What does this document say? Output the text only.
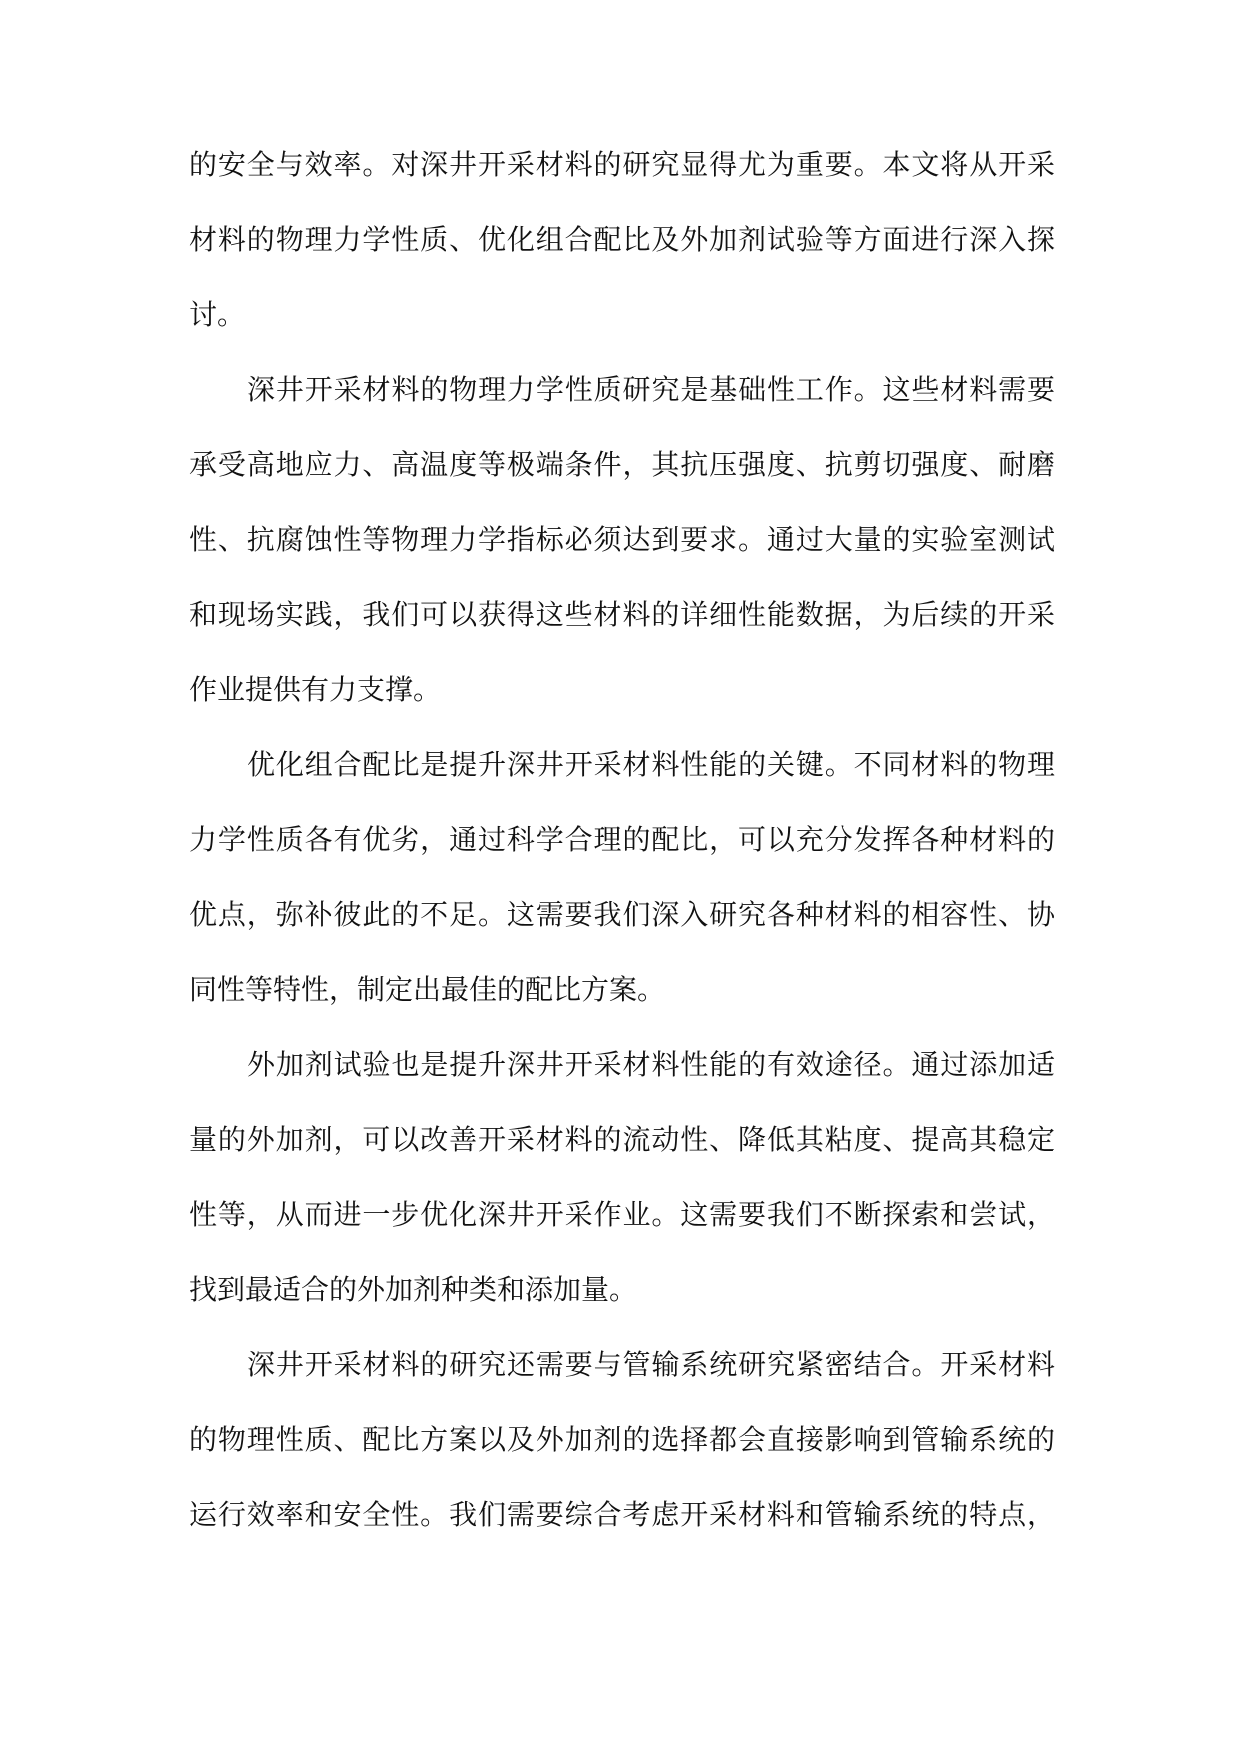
的安全与效率。对深井开采材料的研究显得尤为重要。本文将从开采
材料的物理力学性质、优化组合配比及外加剂试验等方面进行深入探
讨。
深井开采材料的物理力学性质研究是基础性工作。这些材料需要
承受高地应力、高温度等极端条件，其抗压强度、抗剪切强度、耐磨
性、抗腐蚀性等物理力学指标必须达到要求。通过大量的实验室测试
和现场实践，我们可以获得这些材料的详细性能数据，为后续的开采
作业提供有力支撑。
优化组合配比是提升深井开采材料性能的关键。不同材料的物理
力学性质各有优劣，通过科学合理的配比，可以充分发挥各种材料的
优点，弥补彼此的不足。这需要我们深入研究各种材料的相容性、协
同性等特性，制定出最佳的配比方案。
外加剂试验也是提升深井开采材料性能的有效途径。通过添加适
量的外加剂，可以改善开采材料的流动性、降低其粘度、提高其稳定
性等，从而进一步优化深井开采作业。这需要我们不断探索和尝试，
找到最适合的外加剂种类和添加量。
深井开采材料的研究还需要与管输系统研究紧密结合。开采材料
的物理性质、配比方案以及外加剂的选择都会直接影响到管输系统的
运行效率和安全性。我们需要综合考虑开采材料和管输系统的特点，
